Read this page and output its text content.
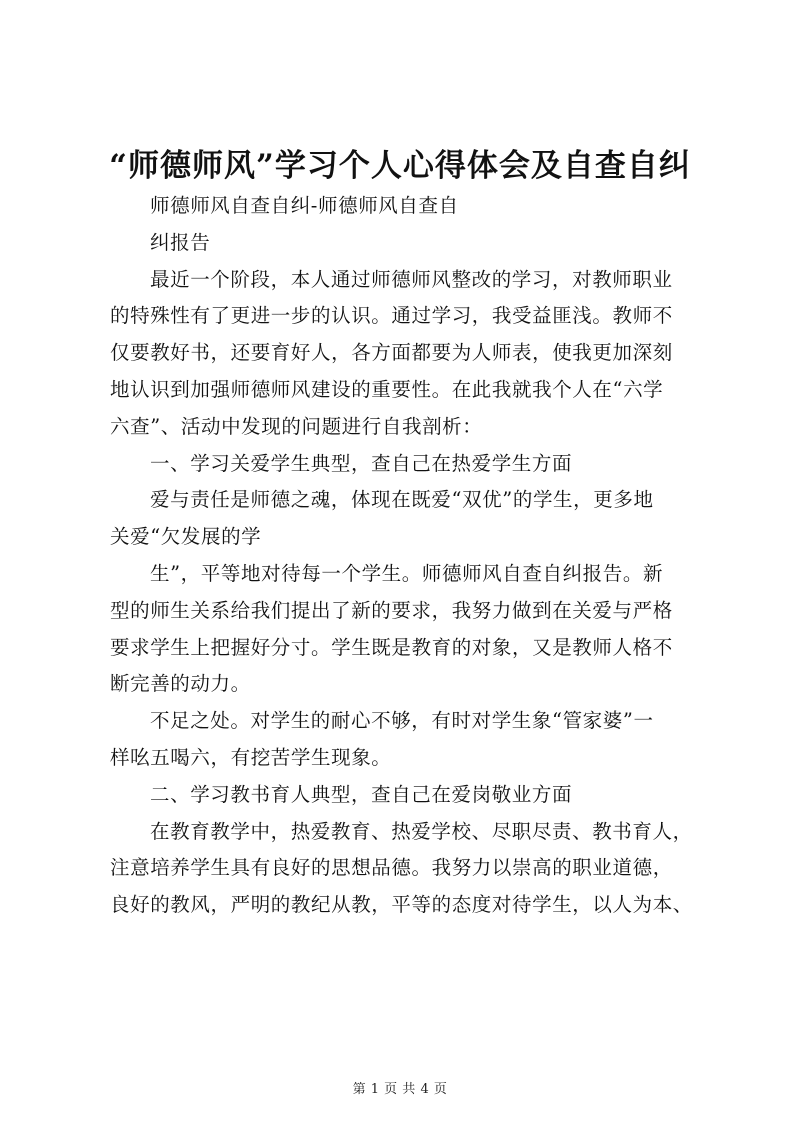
“师德师风”学习个人心得体会及自查自纠
师德师风自查自纠-师德师风自查自
纠报告
最近一个阶段，本人通过师德师风整改的学习，对教师职业
的特殊性有了更进一步的认识。通过学习，我受益匪浅。教师不
仅要教好书，还要育好人，各方面都要为人师表，使我更加深刻
地认识到加强师德师风建设的重要性。在此我就我个人在“六学
六查”、活动中发现的问题进行自我剖析：
一、学习关爱学生典型，查自己在热爱学生方面
爱与责任是师德之魂，体现在既爱“双优”的学生，更多地
关爱“欠发展的学
生”，平等地对待每一个学生。师德师风自查自纠报告。新
型的师生关系给我们提出了新的要求，我努力做到在关爱与严格
要求学生上把握好分寸。学生既是教育的对象，又是教师人格不
断完善的动力。
不足之处。对学生的耐心不够，有时对学生象“管家婆”一
样吆五喝六，有挖苦学生现象。
二、学习教书育人典型，查自己在爱岗敬业方面
在教育教学中，热爱教育、热爱学校、尽职尽责、教书育人，
注意培养学生具有良好的思想品德。我努力以崇高的职业道德，
良好的教风，严明的教纪从教，平等的态度对待学生，以人为本、
第 1 页 共 4 页
